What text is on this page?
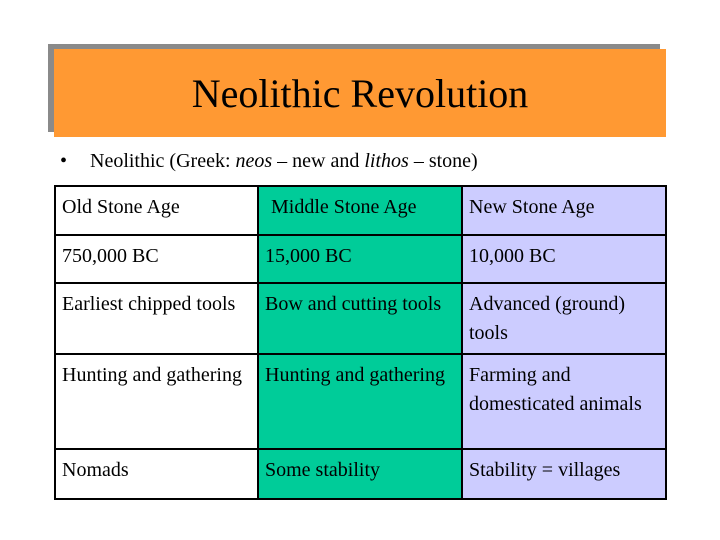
Neolithic Revolution
• Neolithic (Greek: neos – new and lithos – stone)
Old Stone Age	Middle Stone Age	New Stone Age
750,000 BC	15,000 BC	10,000 BC
Earliest chipped tools	Bow and cutting tools	Advanced (ground) tools
Hunting and gathering	Hunting and gathering	Farming and domesticated animals
Nomads	Some stability	Stability = villages
